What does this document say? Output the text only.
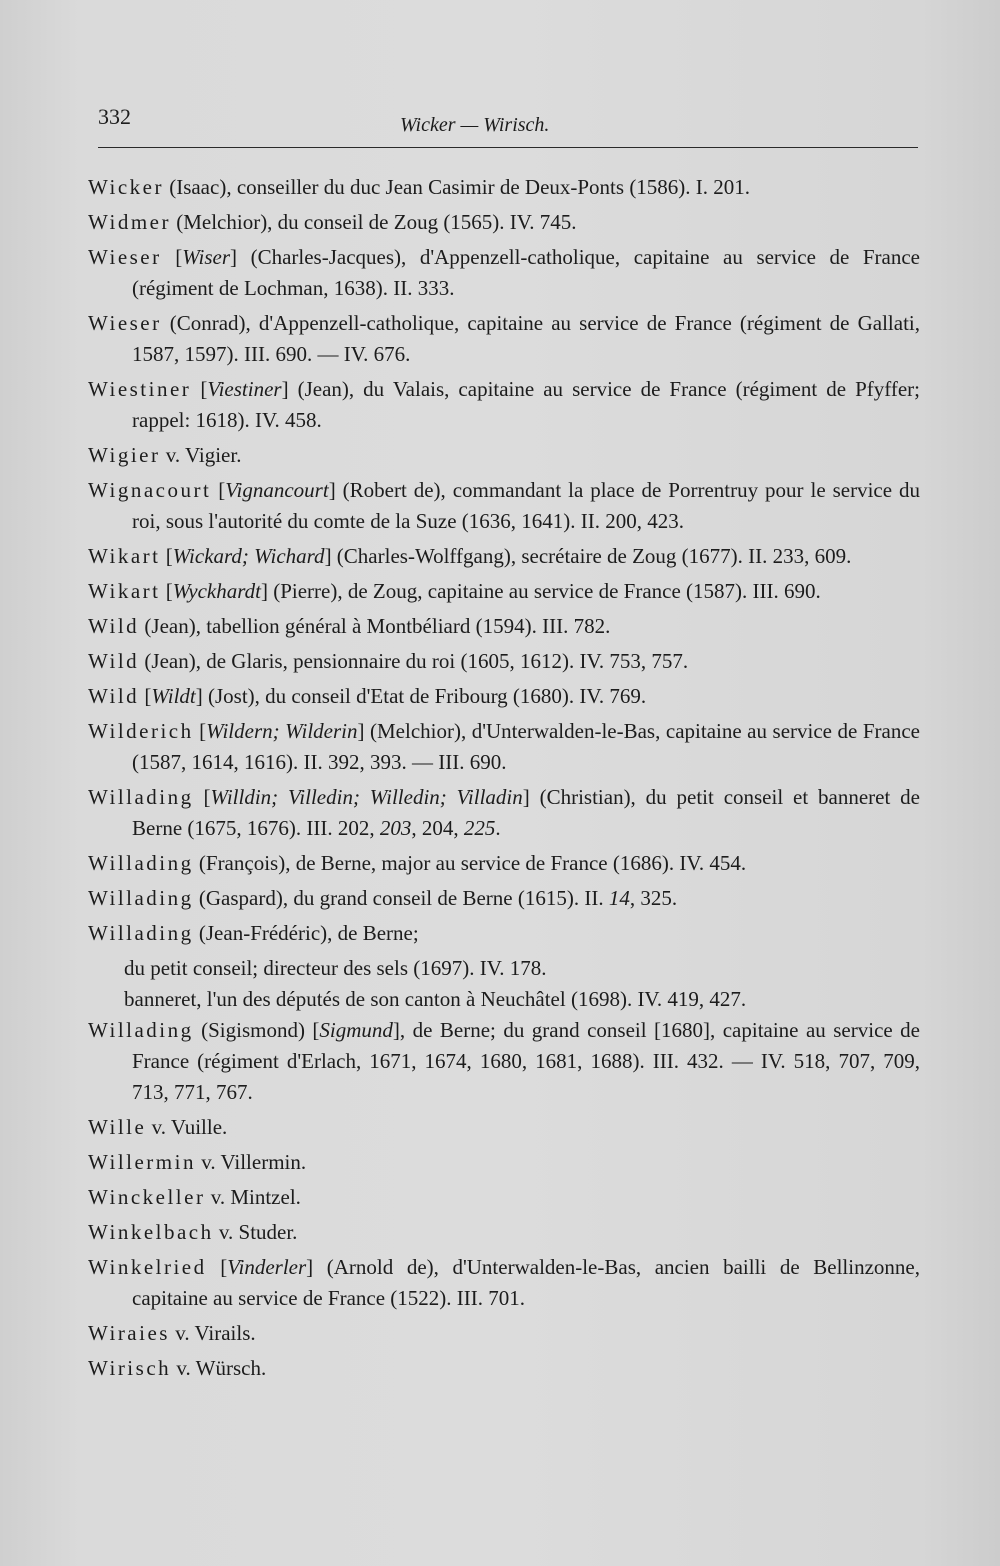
332	Wicker — Wirisch.
Wicker (Isaac), conseiller du duc Jean Casimir de Deux-Ponts (1586). I. 201.
Widmer (Melchior), du conseil de Zoug (1565). IV. 745.
Wieser [Wiser] (Charles-Jacques), d'Appenzell-catholique, capitaine au service de France (régiment de Lochman, 1638). II. 333.
Wieser (Conrad), d'Appenzell-catholique, capitaine au service de France (régiment de Gallati, 1587, 1597). III. 690. — IV. 676.
Wiestiner [Viestiner] (Jean), du Valais, capitaine au service de France (régiment de Pfyffer; rappel: 1618). IV. 458.
Wigier v. Vigier.
Wignacourt [Vignancourt] (Robert de), commandant la place de Porrentruy pour le service du roi, sous l'autorité du comte de la Suze (1636, 1641). II. 200, 423.
Wikart [Wickard; Wichard] (Charles-Wolffgang), secrétaire de Zoug (1677). II. 233, 609.
Wikart [Wyckhardt] (Pierre), de Zoug, capitaine au service de France (1587). III. 690.
Wild (Jean), tabellion général à Montbéliard (1594). III. 782.
Wild (Jean), de Glaris, pensionnaire du roi (1605, 1612). IV. 753, 757.
Wild [Wildt] (Jost), du conseil d'Etat de Fribourg (1680). IV. 769.
Wilderich [Wildern; Wilderin] (Melchior), d'Unterwalden-le-Bas, capitaine au service de France (1587, 1614, 1616). II. 392, 393. — III. 690.
Willading [Willdin; Villedin; Willedin; Villadin] (Christian), du petit conseil et banneret de Berne (1675, 1676). III. 202, 203, 204, 225.
Willading (François), de Berne, major au service de France (1686). IV. 454.
Willading (Gaspard), du grand conseil de Berne (1615). II. 14, 325.
Willading (Jean-Frédéric), de Berne;
du petit conseil; directeur des sels (1697). IV. 178.
banneret, l'un des députés de son canton à Neuchâtel (1698). IV. 419, 427.
Willading (Sigismond) [Sigmund], de Berne; du grand conseil [1680], capitaine au service de France (régiment d'Erlach, 1671, 1674, 1680, 1681, 1688). III. 432. — IV. 518, 707, 709, 713, 771, 767.
Wille v. Vuille.
Willermin v. Villermin.
Winckeller v. Mintzel.
Winkelbach v. Studer.
Winkelried [Vinderler] (Arnold de), d'Unterwalden-le-Bas, ancien bailli de Bellinzonne, capitaine au service de France (1522). III. 701.
Wiraies v. Virails.
Wirisch v. Würsch.
